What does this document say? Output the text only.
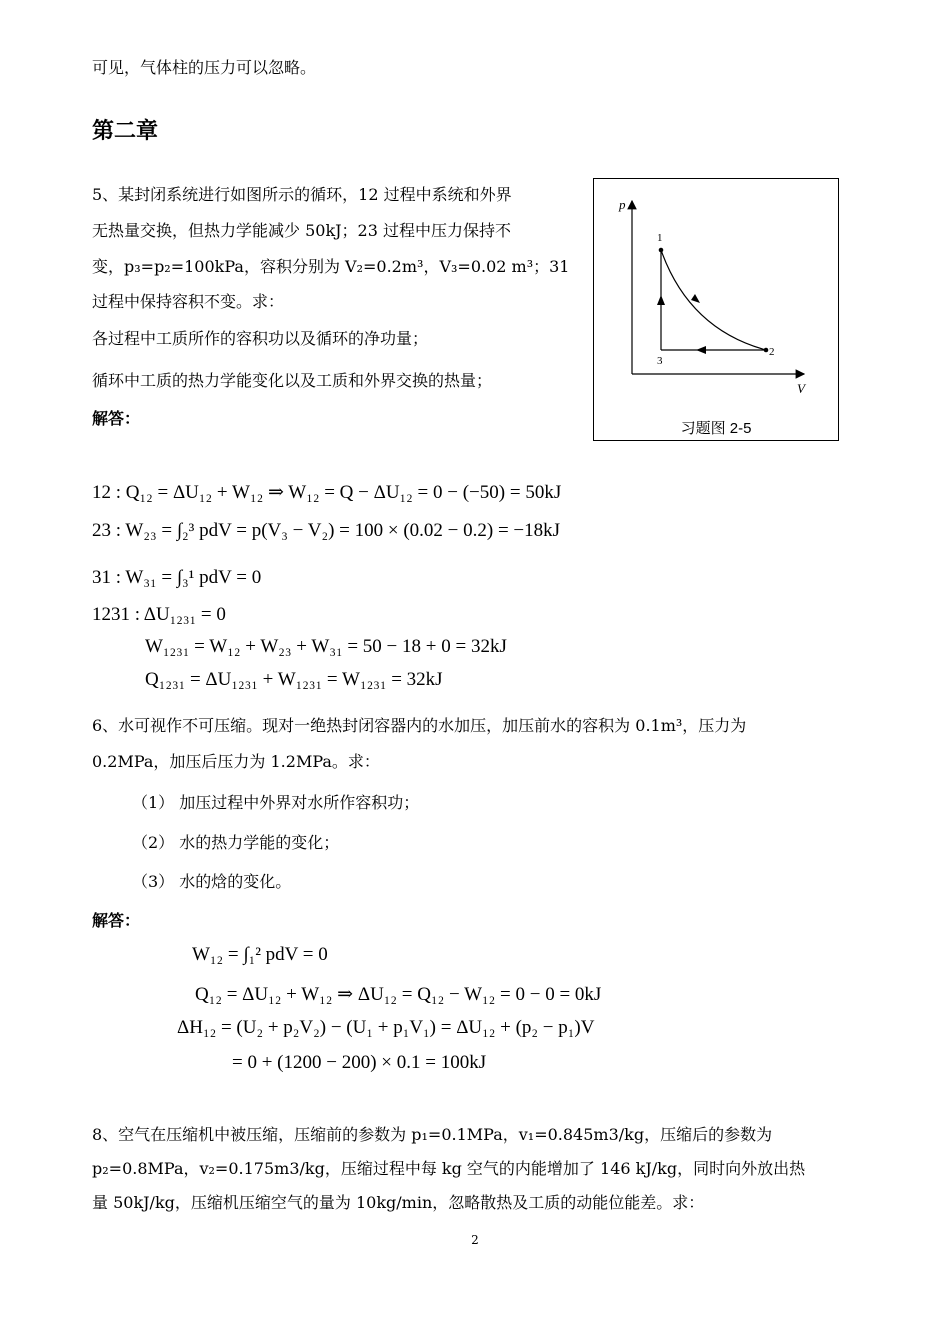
可见，气体柱的压力可以忽略。
第二章
5、某封闭系统进行如图所示的循环，12 过程中系统和外界
无热量交换，但热力学能减少 50kJ；23 过程中压力保持不
变，p₃=p₂=100kPa，容积分别为 V₂=0.2m³，V₃=0.02 m³；31
过程中保持容积不变。求：
各过程中工质所作的容积功以及循环的净功量；
循环中工质的热力学能变化以及工质和外界交换的热量；
解答：
p
V
1
2
3
习题图 2-5
12 : Q₁₂ = ΔU₁₂ + W₁₂ ⇒ W₁₂ = Q − ΔU₁₂ = 0 − (−50) = 50kJ
23 : W₂₃ = ∫₂³ pdV = p(V₃ − V₂) = 100 × (0.02 − 0.2) = −18kJ
31 : W₃₁ = ∫₃¹ pdV = 0
1231 : ΔU₁₂₃₁ = 0
W₁₂₃₁ = W₁₂ + W₂₃ + W₃₁ = 50 − 18 + 0 = 32kJ
Q₁₂₃₁ = ΔU₁₂₃₁ + W₁₂₃₁ = W₁₂₃₁ = 32kJ
6、水可视作不可压缩。现对一绝热封闭容器内的水加压，加压前水的容积为 0.1m³，压力为
0.2MPa，加压后压力为 1.2MPa。求：
（1） 加压过程中外界对水所作容积功；
（2） 水的热力学能的变化；
（3） 水的焓的变化。
解答：
W₁₂ = ∫₁² pdV = 0
Q₁₂ = ΔU₁₂ + W₁₂ ⇒ ΔU₁₂ = Q₁₂ − W₁₂ = 0 − 0 = 0kJ
ΔH₁₂ = (U₂ + p₂V₂) − (U₁ + p₁V₁) = ΔU₁₂ + (p₂ − p₁)V
= 0 + (1200 − 200) × 0.1 = 100kJ
8、空气在压缩机中被压缩，压缩前的参数为 p₁=0.1MPa，v₁=0.845m3/kg，压缩后的参数为
p₂=0.8MPa，v₂=0.175m3/kg，压缩过程中每 kg 空气的内能增加了 146 kJ/kg，同时向外放出热
量 50kJ/kg，压缩机压缩空气的量为 10kg/min，忽略散热及工质的动能位能差。求：
2
